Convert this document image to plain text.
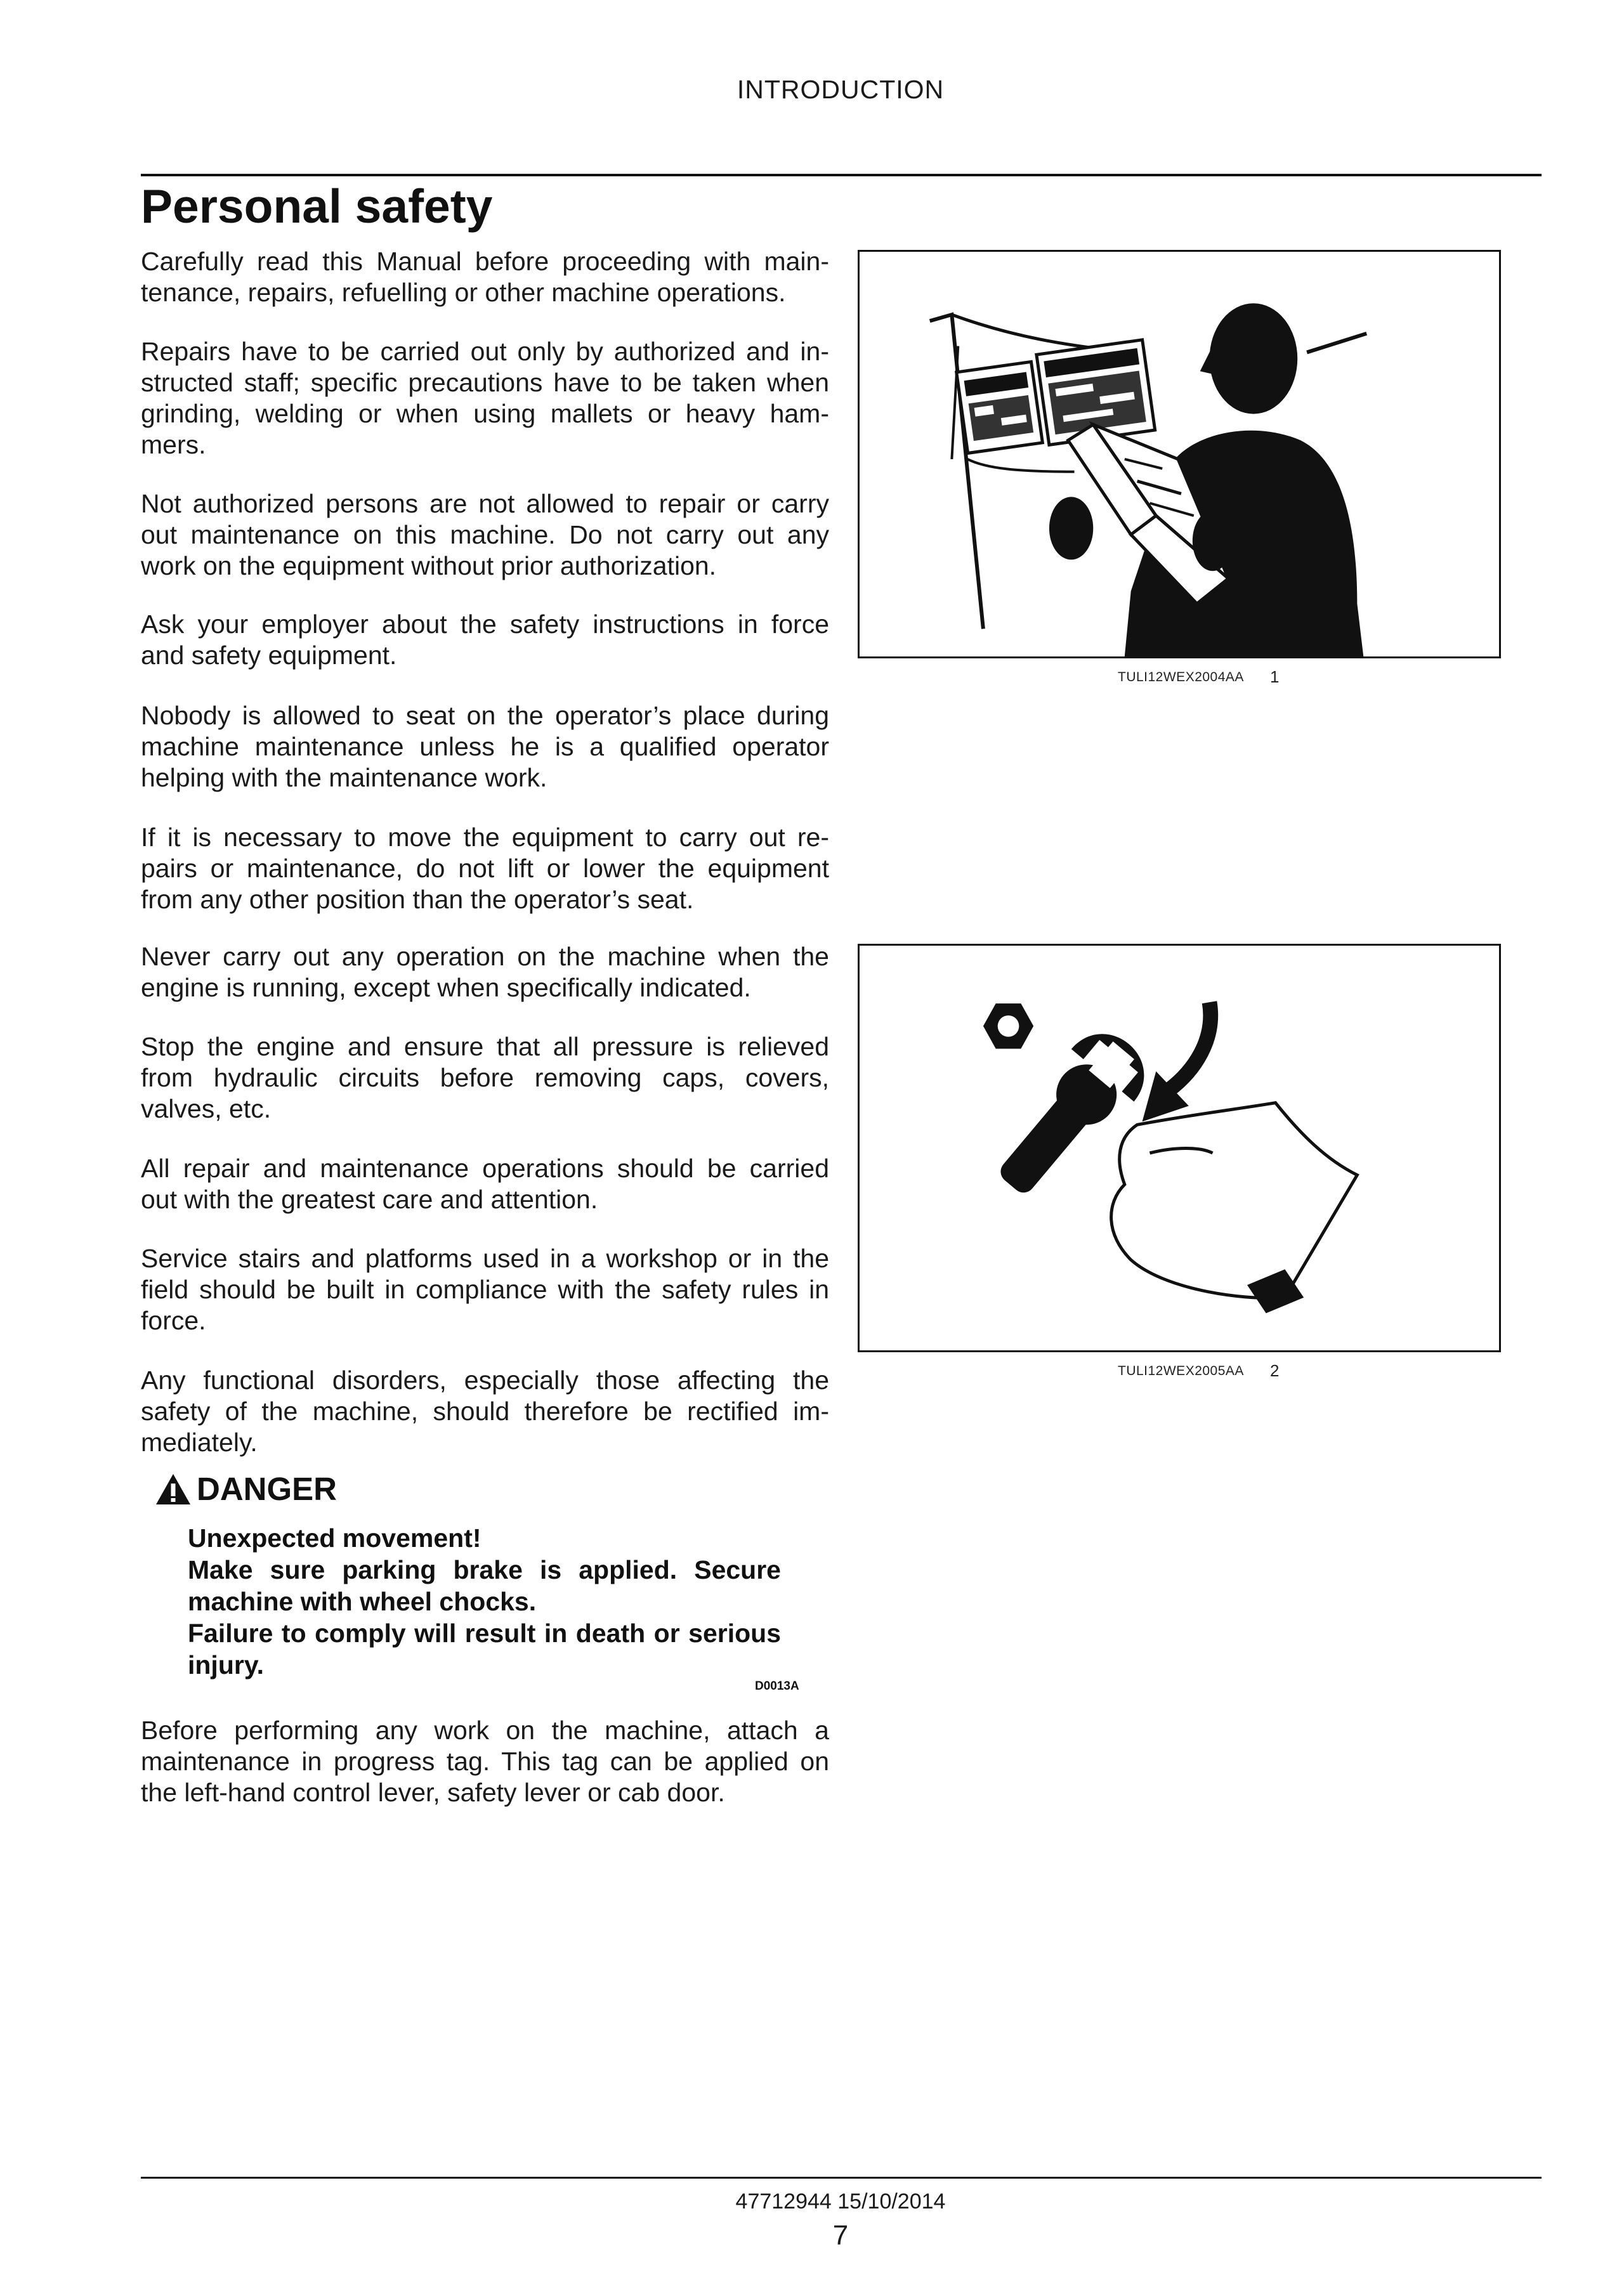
INTRODUCTION
Personal safety
Carefully read this Manual before proceeding with main-
tenance, repairs, refuelling or other machine operations.
Repairs have to be carried out only by authorized and in-
structed staff; specific precautions have to be taken when
grinding, welding or when using mallets or heavy ham-
mers.
Not authorized persons are not allowed to repair or carry
out maintenance on this machine. Do not carry out any
work on the equipment without prior authorization.
Ask your employer about the safety instructions in force
and safety equipment.
Nobody is allowed to seat on the operator’s place during
machine maintenance unless he is a qualified operator
helping with the maintenance work.
If it is necessary to move the equipment to carry out re-
pairs or maintenance, do not lift or lower the equipment
from any other position than the operator’s seat.
Never carry out any operation on the machine when the
engine is running, except when specifically indicated.
Stop the engine and ensure that all pressure is relieved
from hydraulic circuits before removing caps, covers,
valves, etc.
All repair and maintenance operations should be carried
out with the greatest care and attention.
Service stairs and platforms used in a workshop or in the
field should be built in compliance with the safety rules in
force.
Any functional disorders, especially those affecting the
safety of the machine, should therefore be rectified im-
mediately.
DANGER
Unexpected movement!
Make sure parking brake is applied. Secure
machine with wheel chocks.
Failure to comply will result in death or serious
injury.
D0013A
Before performing any work on the machine, attach a
maintenance in progress tag. This tag can be applied on
the left-hand control lever, safety lever or cab door.
TULI12WEX2004AA 1
TULI12WEX2005AA 2
47712944 15/10/2014
7
